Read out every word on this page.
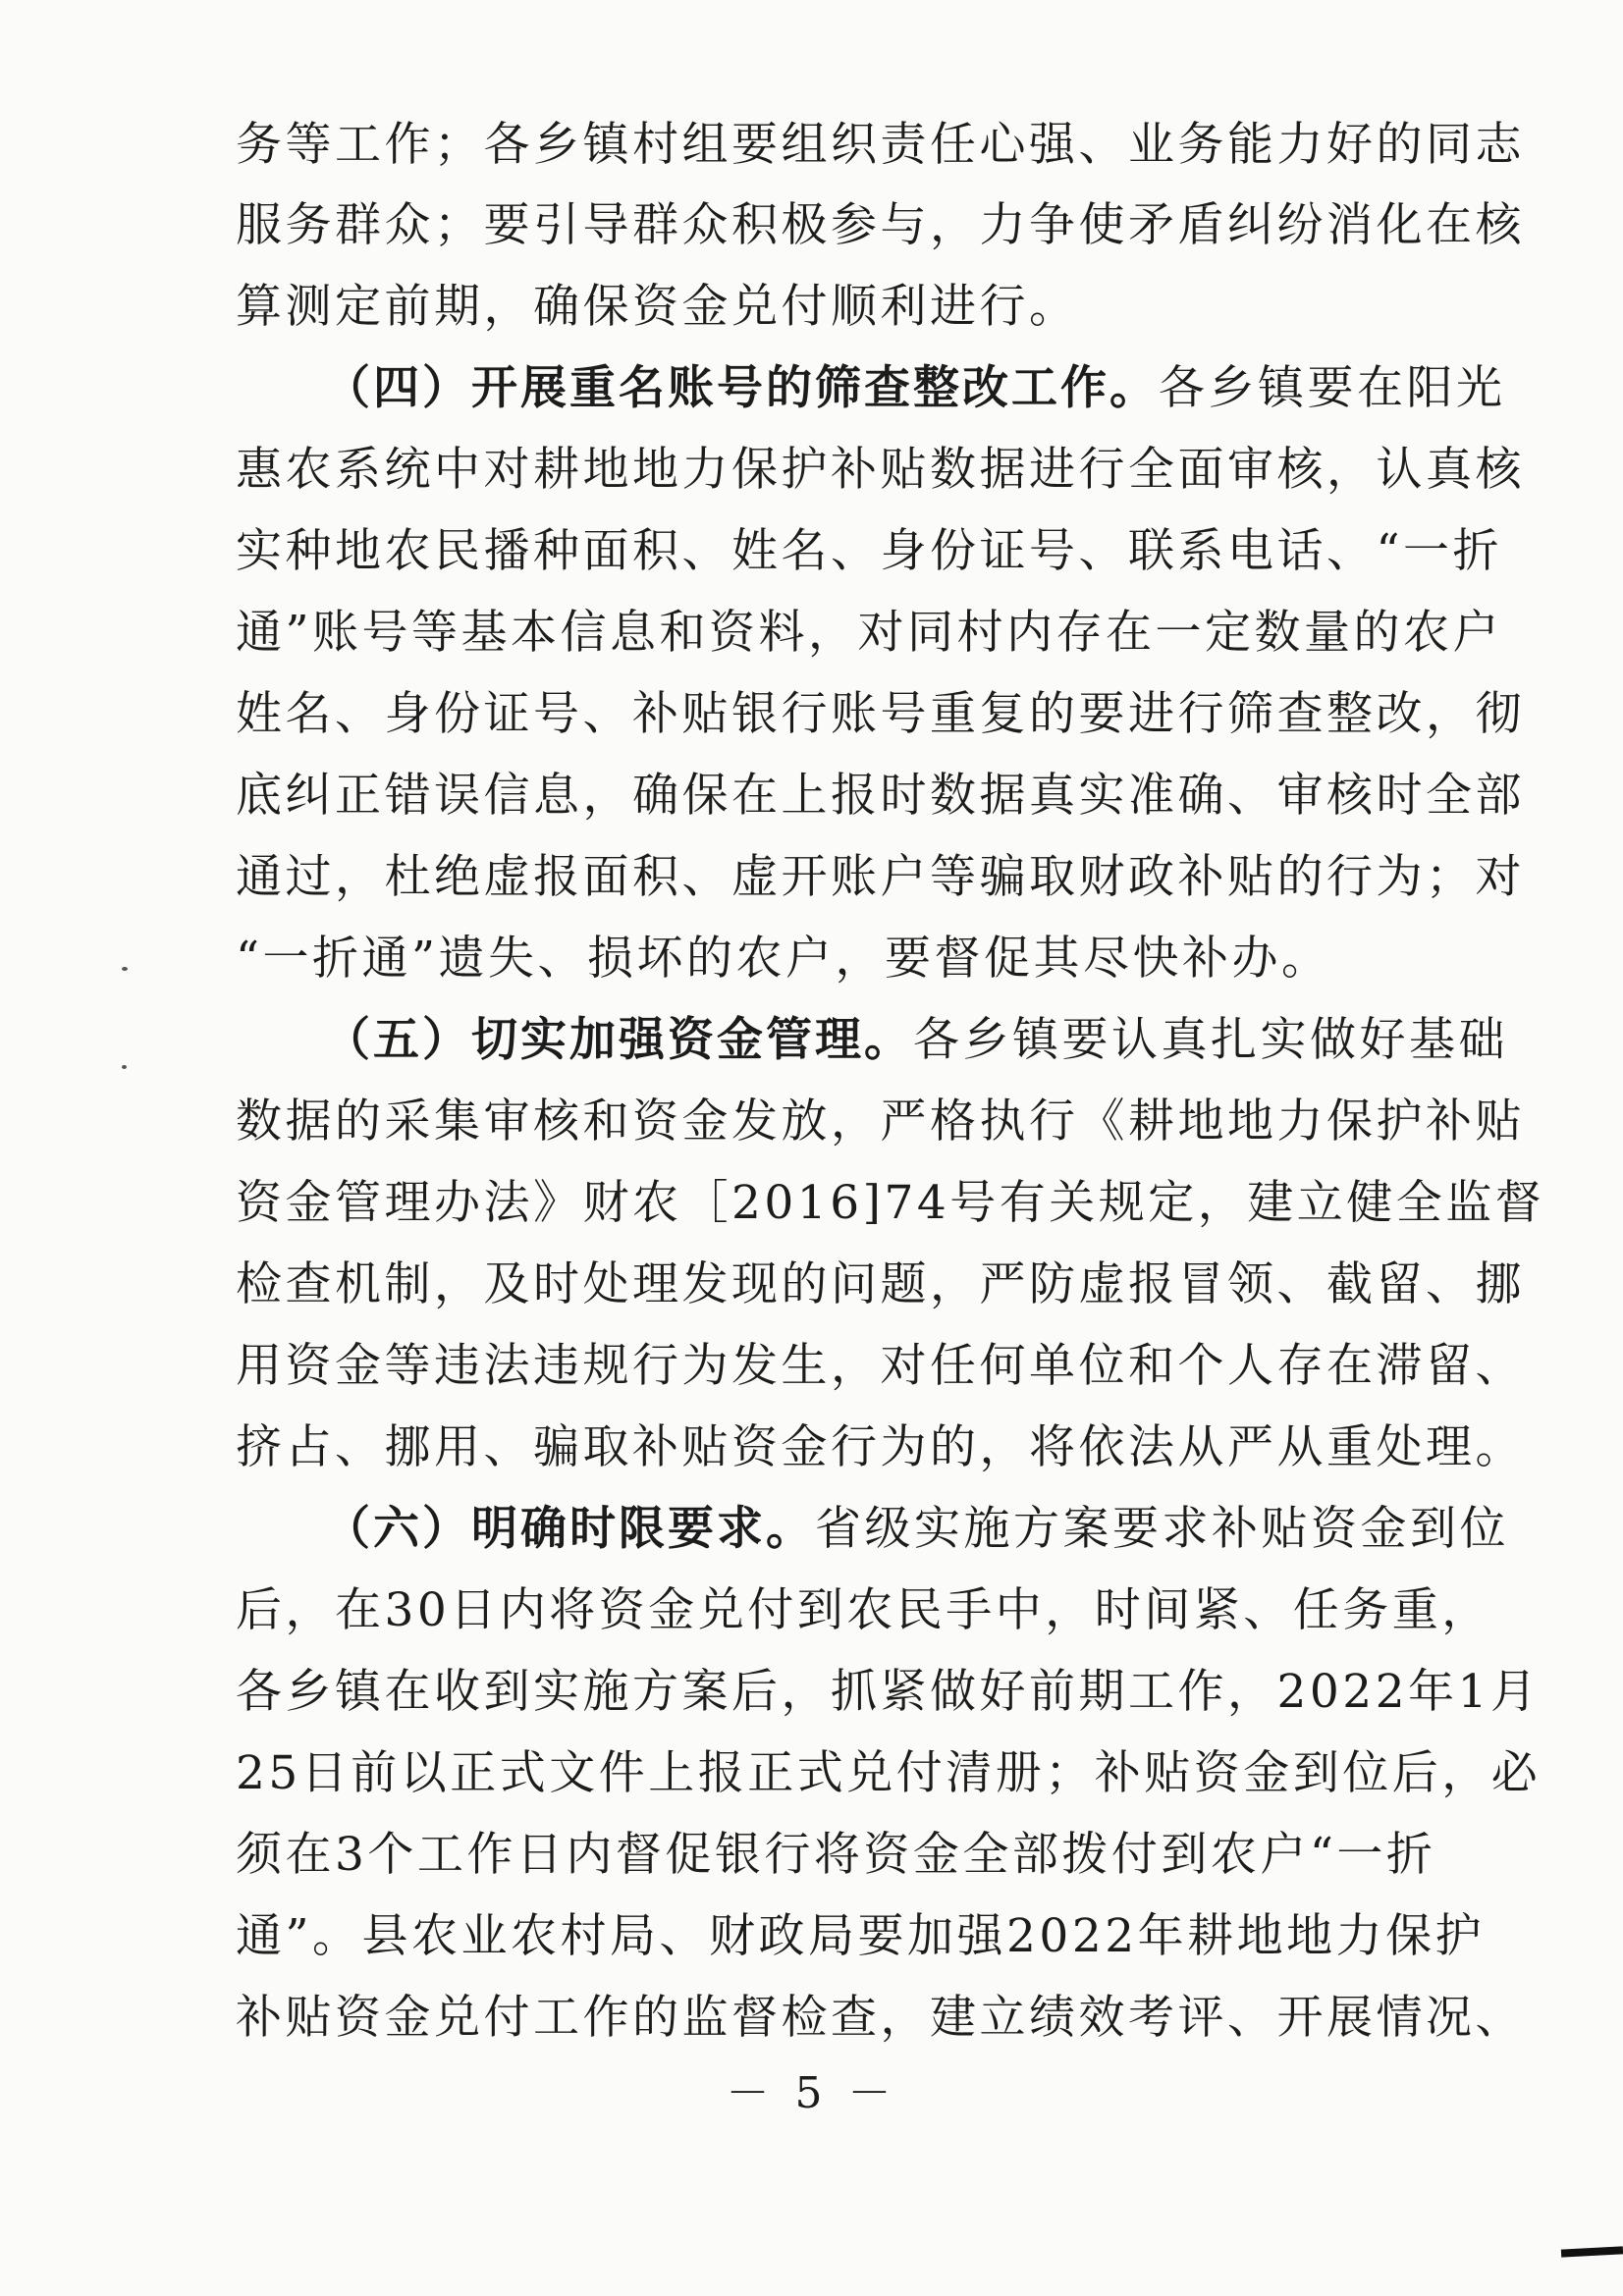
务等工作；各乡镇村组要组织责任心强、业务能力好的同志
服务群众；要引导群众积极参与，力争使矛盾纠纷消化在核
算测定前期，确保资金兑付顺利进行。
（四）开展重名账号的筛查整改工作。各乡镇要在阳光
惠农系统中对耕地地力保护补贴数据进行全面审核，认真核
实种地农民播种面积、姓名、身份证号、联系电话、“一折
通”账号等基本信息和资料，对同村内存在一定数量的农户
姓名、身份证号、补贴银行账号重复的要进行筛查整改，彻
底纠正错误信息，确保在上报时数据真实准确、审核时全部
通过，杜绝虚报面积、虚开账户等骗取财政补贴的行为；对
“一折通”遗失、损坏的农户，要督促其尽快补办。
（五）切实加强资金管理。各乡镇要认真扎实做好基础
数据的采集审核和资金发放，严格执行《耕地地力保护补贴
资金管理办法》财农［2016]74号有关规定，建立健全监督
检查机制，及时处理发现的问题，严防虚报冒领、截留、挪
用资金等违法违规行为发生，对任何单位和个人存在滞留、
挤占、挪用、骗取补贴资金行为的，将依法从严从重处理。
（六）明确时限要求。省级实施方案要求补贴资金到位
后，在30日内将资金兑付到农民手中，时间紧、任务重，
各乡镇在收到实施方案后，抓紧做好前期工作，2022年1月
25日前以正式文件上报正式兑付清册；补贴资金到位后，必
须在3个工作日内督促银行将资金全部拨付到农户“一折
通”。县农业农村局、财政局要加强2022年耕地地力保护
补贴资金兑付工作的监督检查，建立绩效考评、开展情况、
－ 5 －
